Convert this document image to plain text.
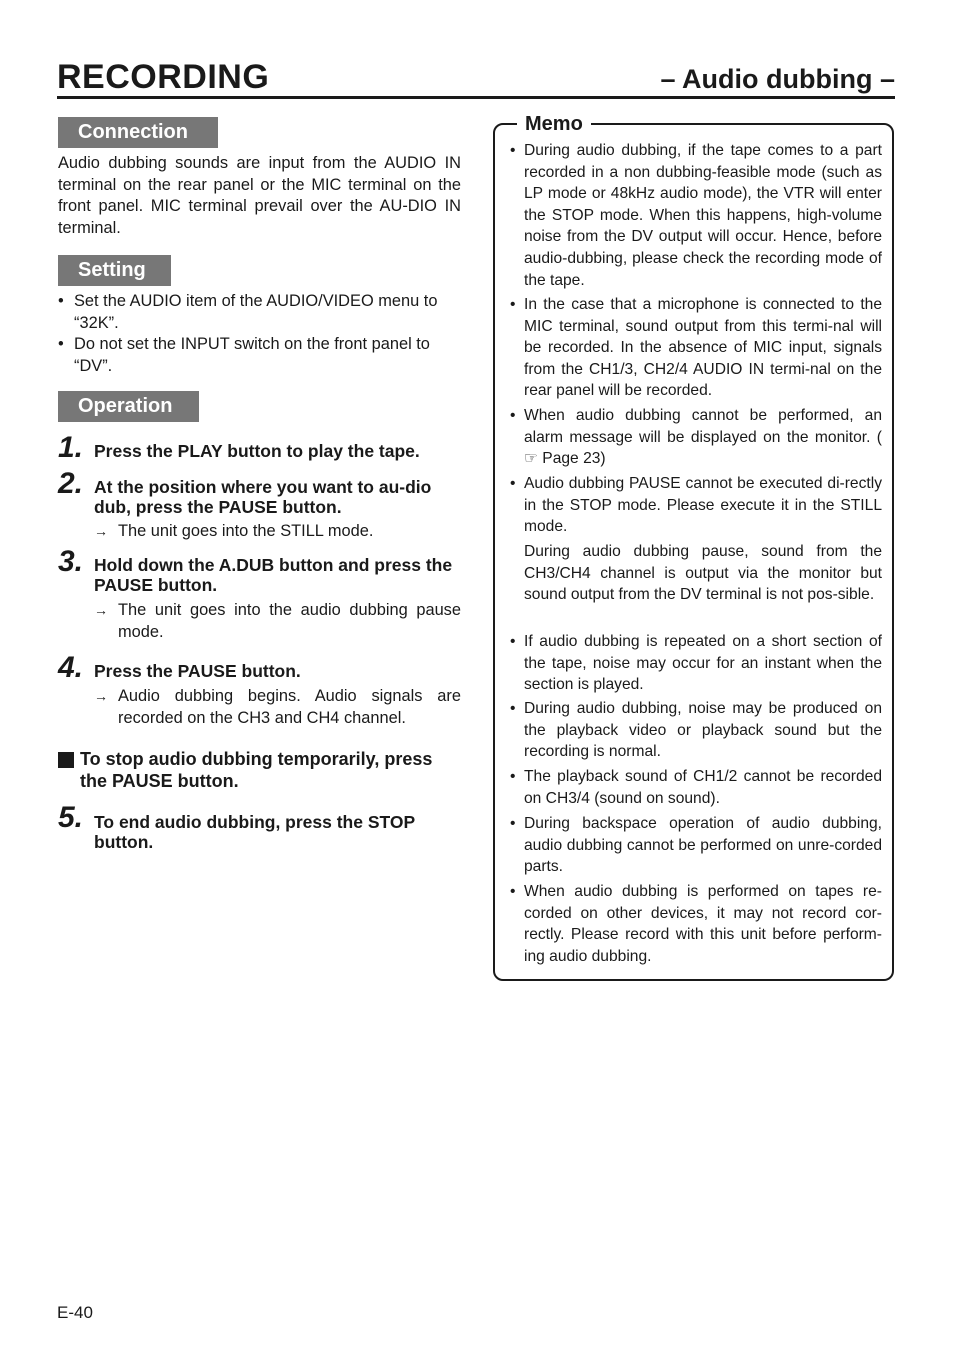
RECORDING	– Audio dubbing –
Connection
Audio dubbing sounds are input from the AUDIO IN terminal on the rear panel or the MIC terminal on the front panel. MIC terminal prevail over the AU-DIO IN terminal.
Setting
• Set the AUDIO item of the AUDIO/VIDEO menu to “32K”.
• Do not set the INPUT switch on the front panel to “DV”.
Operation
1. Press the PLAY button to play the tape.
2. At the position where you want to au-dio dub, press the PAUSE button.
→ The unit goes into the STILL mode.
3. Hold down the A.DUB button and press the PAUSE button.
→ The unit goes into the audio dubbing pause mode.
4. Press the PAUSE button.
→ Audio dubbing begins. Audio signals are recorded on the CH3 and CH4 channel.
To stop audio dubbing temporarily, press the PAUSE button.
5. To end audio dubbing, press the STOP button.
Memo
• During audio dubbing, if the tape comes to a part recorded in a non dubbing-feasible mode (such as LP mode or 48kHz audio mode), the VTR will enter the STOP mode. When this happens, high-volume noise from the DV output will occur. Hence, before audio-dubbing, please check the recording mode of the tape.
• In the case that a microphone is connected to the MIC terminal, sound output from this termi-nal will be recorded. In the absence of MIC input, signals from the CH1/3, CH2/4 AUDIO IN termi-nal on the rear panel will be recorded.
• When audio dubbing cannot be performed, an alarm message will be displayed on the monitor. ( ☞ Page 23)
• Audio dubbing PAUSE cannot be executed di-rectly in the STOP mode. Please execute it in the STILL mode.
During audio dubbing pause, sound from the CH3/CH4 channel is output via the monitor but sound output from the DV terminal is not pos-sible.
• If audio dubbing is repeated on a short section of the tape, noise may occur for an instant when the section is played.
• During audio dubbing, noise may be produced on the playback video or playback sound but the recording is normal.
• The playback sound of CH1/2 cannot be recorded on CH3/4 (sound on sound).
• During backspace operation of audio dubbing, audio dubbing cannot be performed on unre-corded parts.
• When audio dubbing is performed on tapes re-corded on other devices, it may not record cor-rectly. Please record with this unit before perform-ing audio dubbing.
E-40
